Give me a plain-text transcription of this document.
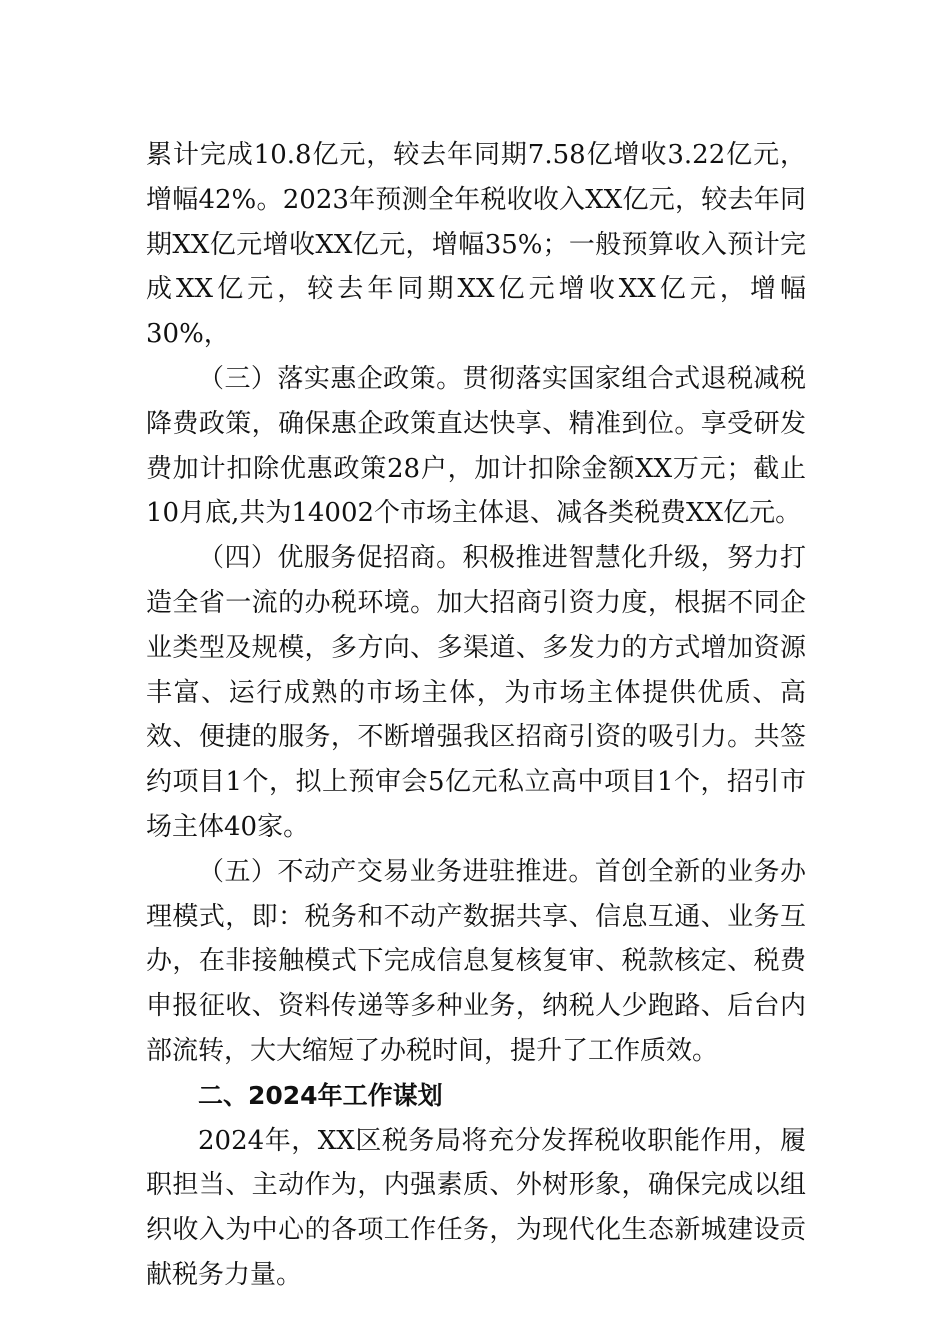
累计完成10.8亿元，较去年同期7.58亿增收3.22亿元，增幅42%。2023年预测全年税收收入XX亿元，较去年同期XX亿元增收XX亿元，增幅35%；一般预算收入预计完成XX亿元，较去年同期XX亿元增收XX亿元，增幅30%，

（三）落实惠企政策。贯彻落实国家组合式退税减税降费政策，确保惠企政策直达快享、精准到位。享受研发费加计扣除优惠政策28户，加计扣除金额XX万元；截止10月底,共为14002个市场主体退、减各类税费XX亿元。

（四）优服务促招商。积极推进智慧化升级，努力打造全省一流的办税环境。加大招商引资力度，根据不同企业类型及规模，多方向、多渠道、多发力的方式增加资源丰富、运行成熟的市场主体，为市场主体提供优质、高效、便捷的服务，不断增强我区招商引资的吸引力。共签约项目1个，拟上预审会5亿元私立高中项目1个，招引市场主体40家。

（五）不动产交易业务进驻推进。首创全新的业务办理模式，即：税务和不动产数据共享、信息互通、业务互办，在非接触模式下完成信息复核复审、税款核定、税费申报征收、资料传递等多种业务，纳税人少跑路、后台内部流转，大大缩短了办税时间，提升了工作质效。

二、2024年工作谋划

2024年，XX区税务局将充分发挥税收职能作用，履职担当、主动作为，内强素质、外树形象，确保完成以组织收入为中心的各项工作任务，为现代化生态新城建设贡献税务力量。
